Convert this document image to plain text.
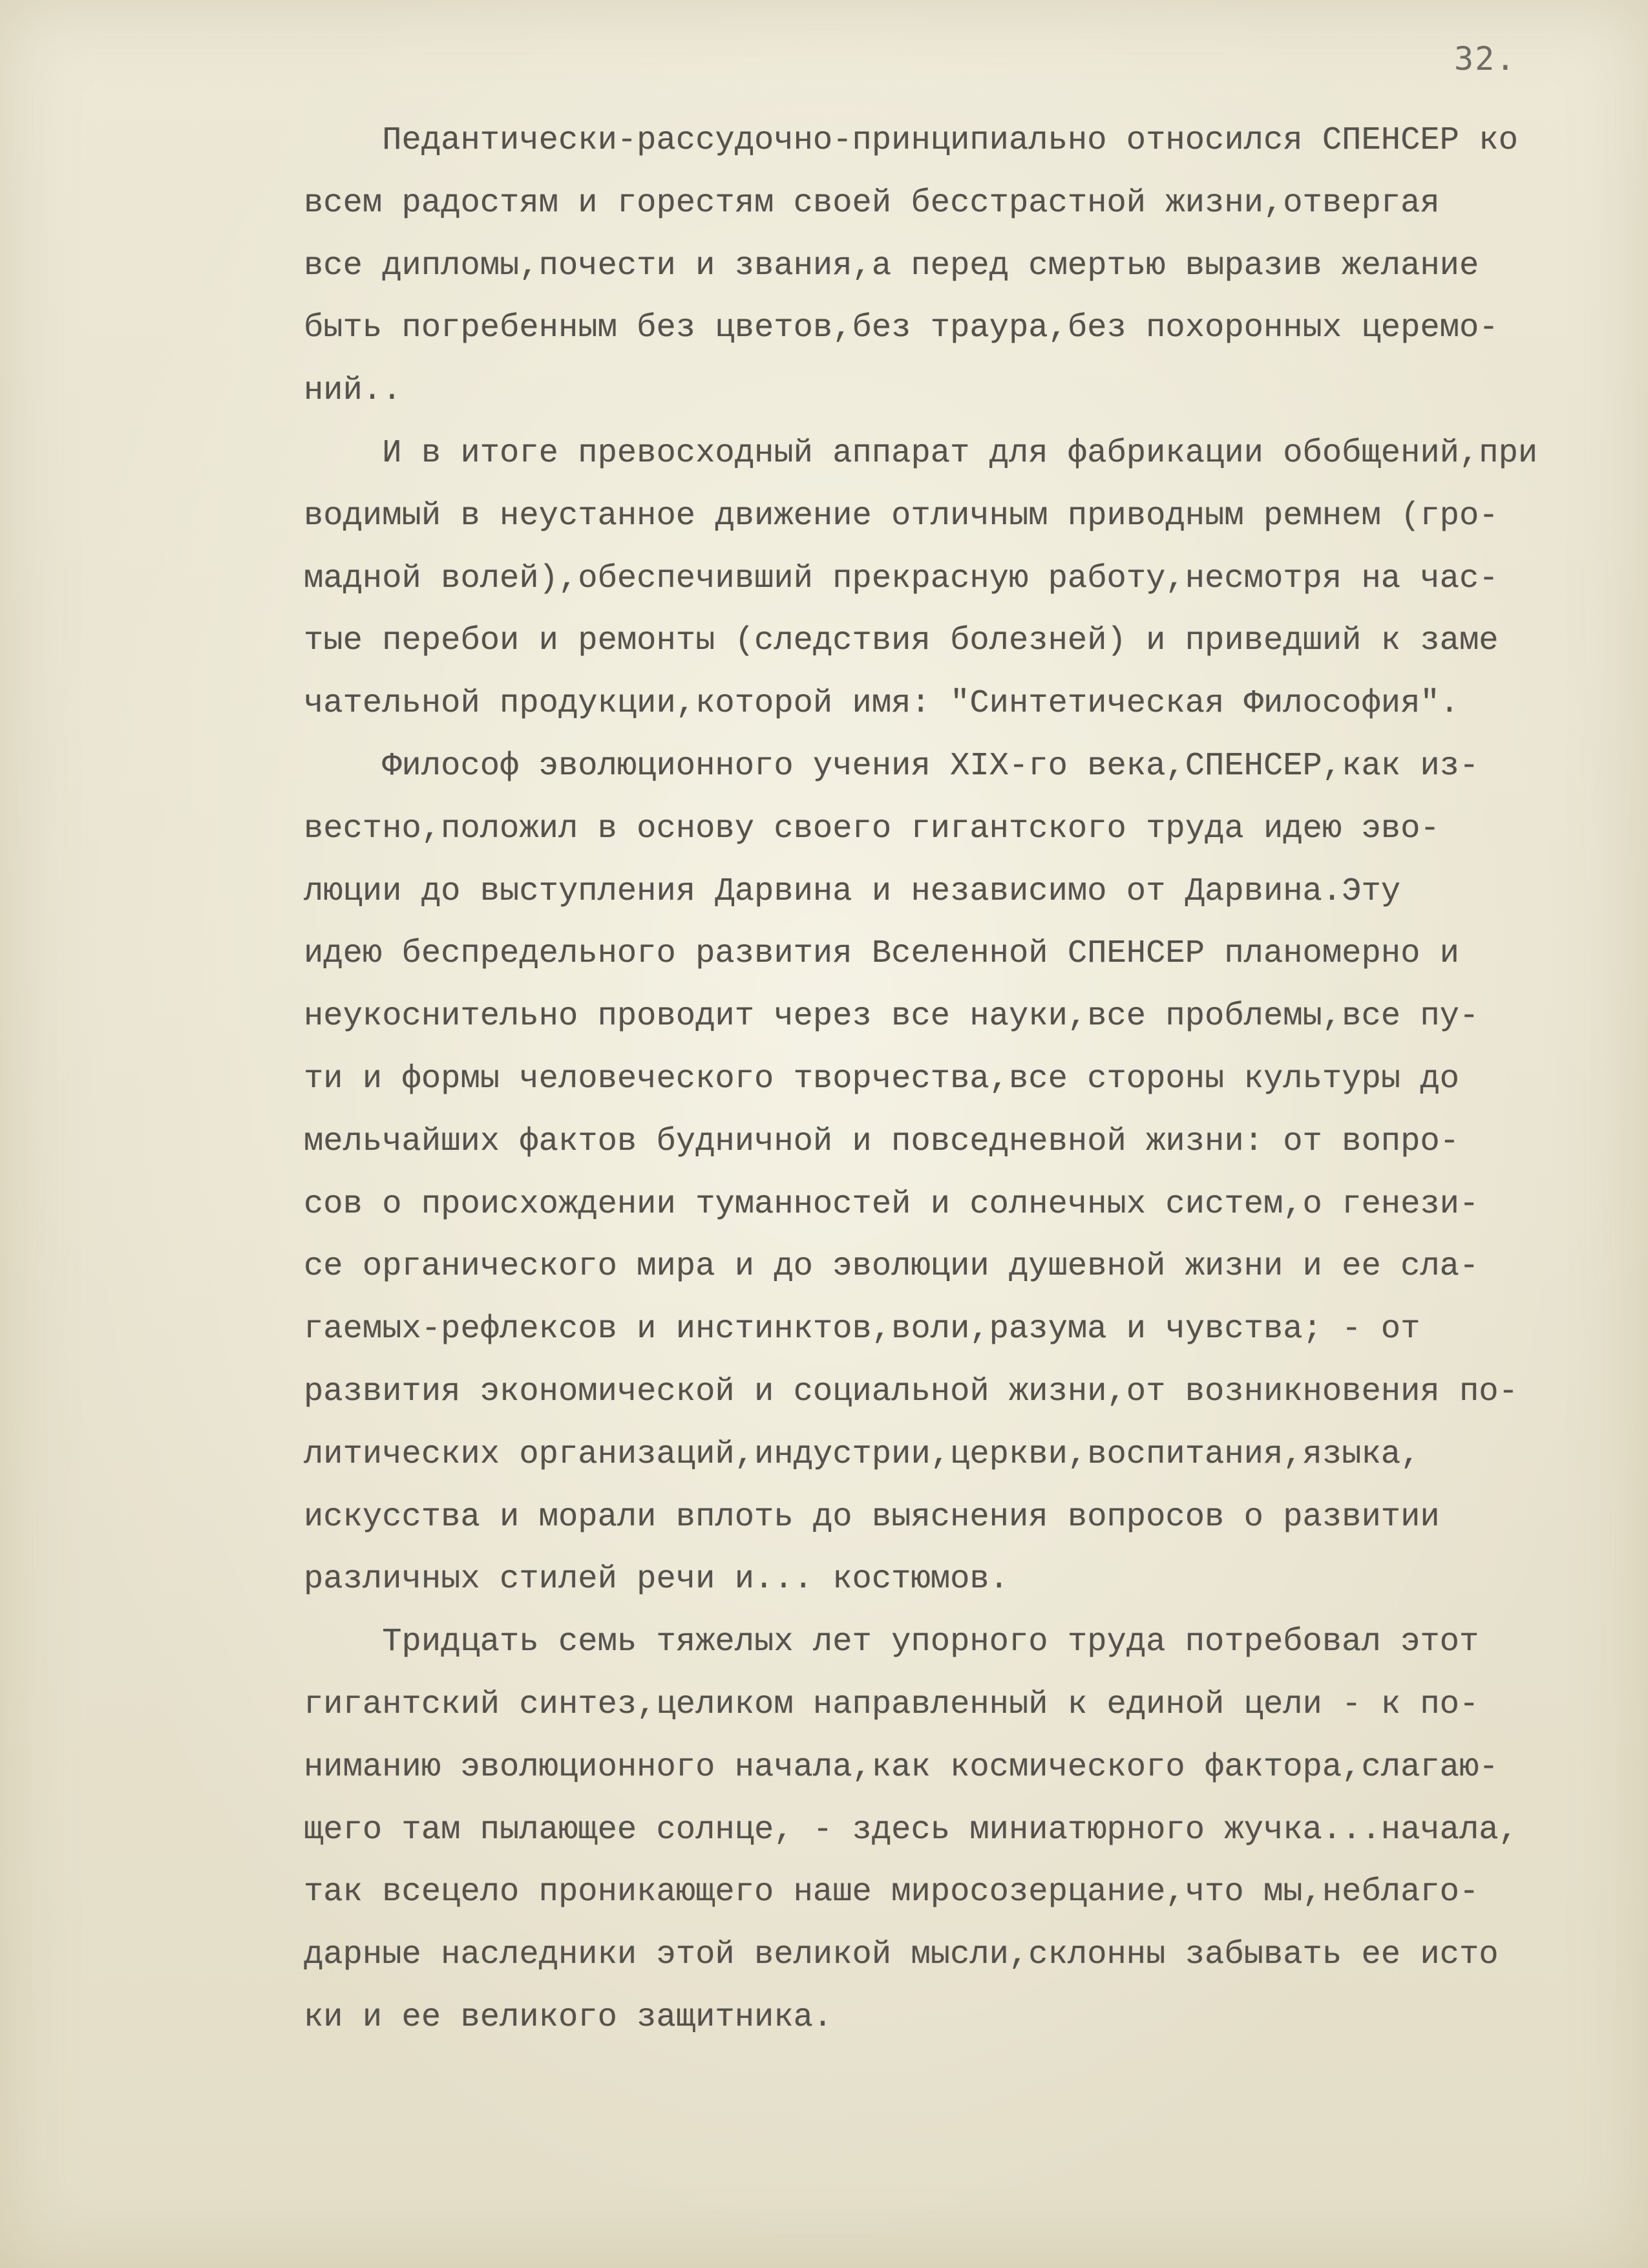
32.
Педантически-рассудочно-принципиально относился СПЕНСЕР ко
всем радостям и горестям своей бесстрастной жизни,отвергая
все дипломы,почести и звания,а перед смертью выразив желание
быть погребенным без цветов,без траура,без похоронных церемо-
ний..
И в итоге превосходный аппарат для фабрикации обобщений,при
водимый в неустанное движение отличным приводным ремнем (гро-
мадной волей),обеспечивший прекрасную работу,несмотря на час-
тые перебои и ремонты (следствия болезней) и приведший к заме
чательной продукции,которой имя: "Синтетическая Философия".
Философ эволюционного учения XIX-го века,СПЕНСЕР,как из-
вестно,положил в основу своего гигантского труда идею эво-
люции до выступления Дарвина и независимо от Дарвина.Эту
идею беспредельного развития Вселенной СПЕНСЕР планомерно и
неукоснительно проводит через все науки,все проблемы,все пу-
ти и формы человеческого творчества,все стороны культуры до
мельчайших фактов будничной и повседневной жизни: от вопро-
сов о происхождении туманностей и солнечных систем,о генези-
се органического мира и до эволюции душевной жизни и ее сла-
гаемых-рефлексов и инстинктов,воли,разума и чувства; - от
развития экономической и социальной жизни,от возникновения по-
литических организаций,индустрии,церкви,воспитания,языка,
искусства и морали вплоть до выяснения вопросов о развитии
различных стилей речи и... костюмов.
Тридцать семь тяжелых лет упорного труда потребовал этот
гигантский синтез,целиком направленный к единой цели - к по-
ниманию эволюционного начала,как космического фактора,слагаю-
щего там пылающее солнце, - здесь миниатюрного жучка...начала,
так всецело проникающего наше миросозерцание,что мы,неблаго-
дарные наследники этой великой мысли,склонны забывать ее исто
ки и ее великого защитника.
